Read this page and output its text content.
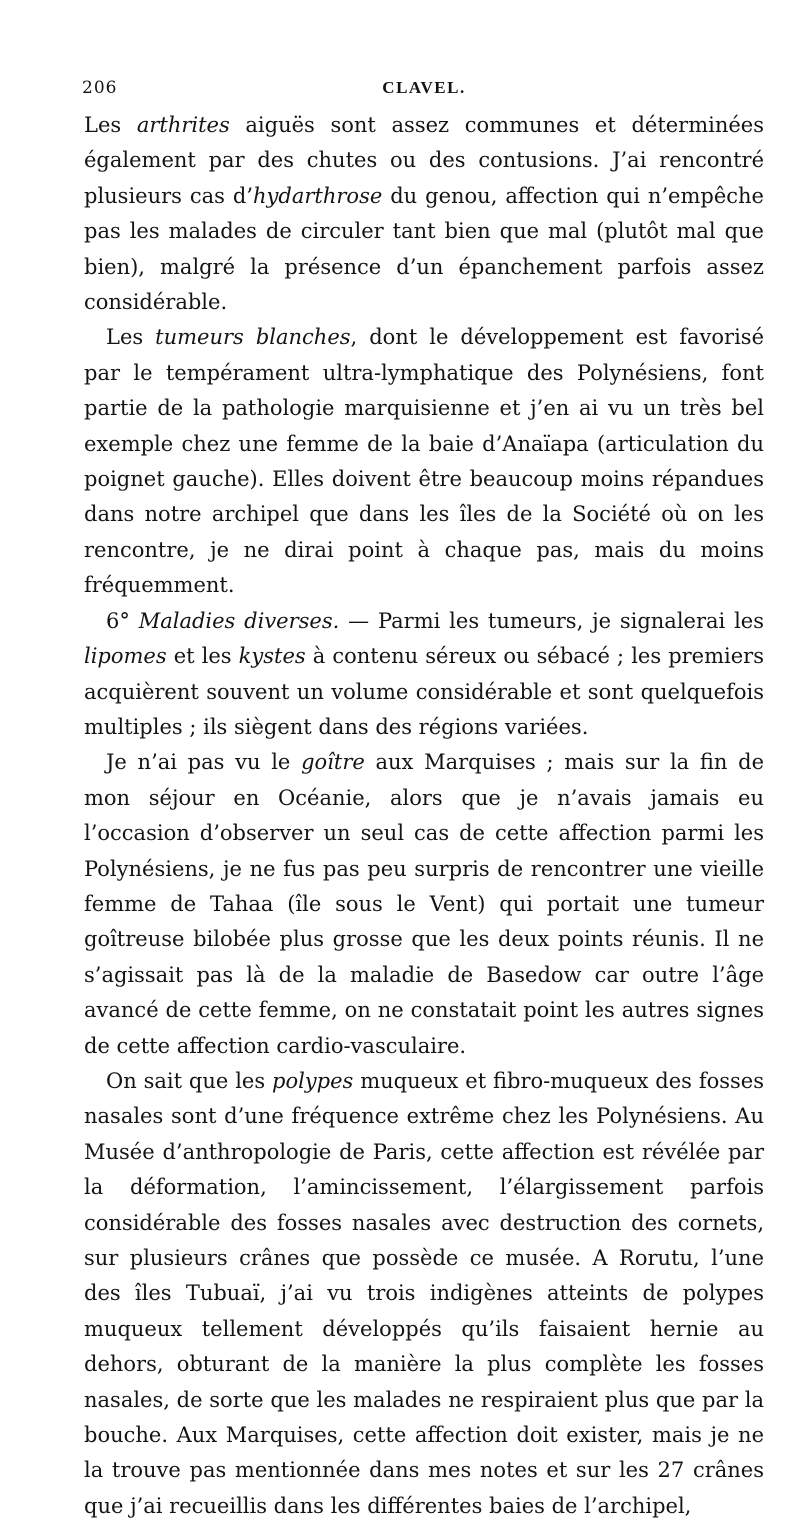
206	CLAVEL.

Les arthrites aiguës sont assez communes et déterminées également par des chutes ou des contusions. J’ai rencontré plusieurs cas d’hydarthrose du genou, affection qui n’empêche pas les malades de circuler tant bien que mal (plutôt mal que bien), malgré la présence d’un épanchement parfois assez considérable.

Les tumeurs blanches, dont le développement est favorisé par le tempérament ultra-lymphatique des Polynésiens, font partie de la pathologie marquisienne et j’en ai vu un très bel exemple chez une femme de la baie d’Anaïapa (articulation du poignet gauche). Elles doivent être beaucoup moins répandues dans notre archipel que dans les îles de la Société où on les rencontre, je ne dirai point à chaque pas, mais du moins fréquemment.

6° Maladies diverses. — Parmi les tumeurs, je signalerai les lipomes et les kystes à contenu séreux ou sébacé ; les premiers acquièrent souvent un volume considérable et sont quelquefois multiples ; ils siègent dans des régions variées.

Je n’ai pas vu le goître aux Marquises ; mais sur la fin de mon séjour en Océanie, alors que je n’avais jamais eu l’occasion d’observer un seul cas de cette affection parmi les Polynésiens, je ne fus pas peu surpris de rencontrer une vieille femme de Tahaa (île sous le Vent) qui portait une tumeur goîtreuse bilobée plus grosse que les deux points réunis. Il ne s’agissait pas là de la maladie de Basedow car outre l’âge avancé de cette femme, on ne constatait point les autres signes de cette affection cardio-vasculaire.

On sait que les polypes muqueux et fibro-muqueux des fosses nasales sont d’une fréquence extrême chez les Polynésiens. Au Musée d’anthropologie de Paris, cette affection est révélée par la déformation, l’amincissement, l’élargissement parfois considérable des fosses nasales avec destruction des cornets, sur plusieurs crânes que possède ce musée. A Rorutu, l’une des îles Tubuaï, j’ai vu trois indigènes atteints de polypes muqueux tellement développés qu’ils faisaient hernie au dehors, obturant de la manière la plus complète les fosses nasales, de sorte que les malades ne respiraient plus que par la bouche. Aux Marquises, cette affection doit exister, mais je ne la trouve pas mentionnée dans mes notes et sur les 27 crânes que j’ai recueillis dans les différentes baies de l’archipel,
